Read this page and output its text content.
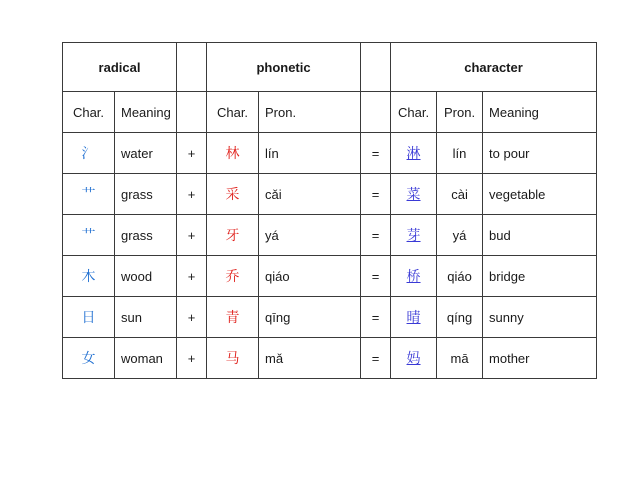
radical			phonetic			character		
Char.	Meaning		Char.	Pron.		Char.	Pron.	Meaning
氵	water	+	林	lín	=	淋	lín	to pour
艹	grass	+	采	cǎi	=	菜	cài	vegetable
艹	grass	+	牙	yá	=	芽	yá	bud
木	wood	+	乔	qiáo	=	桥	qiáo	bridge
日	sun	+	青	qīng	=	晴	qíng	sunny
女	woman	+	马	mǎ	=	妈	mā	mother
